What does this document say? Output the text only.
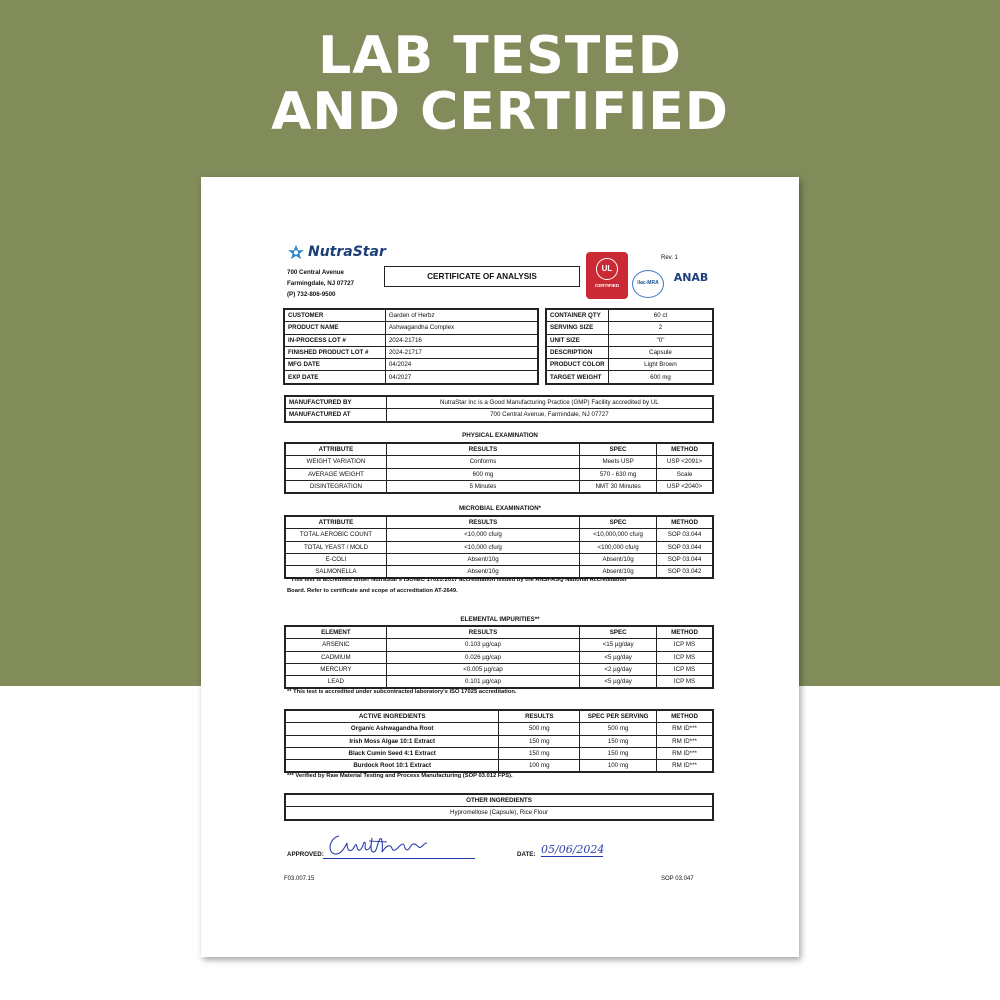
LAB TESTED
AND CERTIFIED
NutraStar
700 Central Avenue
Farmingdale, NJ 07727
(P) 732-806-9500
CERTIFICATE OF ANALYSIS
UL
CERTIFIED
Rev. 1
ilac-MRA	ANAB
CUSTOMER	Garden of Herbz
PRODUCT NAME	Ashwagandha Complex
IN-PROCESS LOT #	2024-21716
FINISHED PRODUCT LOT #	2024-21717
MFG DATE	04/2024
EXP DATE	04/2027
CONTAINER QTY	60 ct
SERVING SIZE	2
UNIT SIZE	"0"
DESCRIPTION	Capsule
PRODUCT COLOR	Light Brown
TARGET WEIGHT	600 mg
MANUFACTURED BY	NutraStar Inc is a Good Manufacturing Practice (GMP) Facility accredited by UL
MANUFACTURED AT	700 Central Avenue, Farmindale, NJ 07727
PHYSICAL EXAMINATION
ATTRIBUTE	RESULTS	SPEC	METHOD
WEIGHT VARIATION	Conforms	Meets USP	USP <2091>
AVERAGE WEIGHT	600 mg	570 - 630 mg	Scale
DISINTEGRATION	5 Minutes	NMT 30 Minutes	USP <2040>
MICROBIAL EXAMINATION*
ATTRIBUTE	RESULTS	SPEC	METHOD
TOTAL AEROBIC COUNT	<10,000 cfu/g	<10,000,000 cfu/g	SOP 03.044
TOTAL YEAST / MOLD	<10,000 cfu/g	<100,000 cfu/g	SOP 03.044
E-COLI	Absent/10g	Absent/10g	SOP 03.044
SALMONELLA	Absent/10g	Absent/10g	SOP 03.042
* This test is accredited under NutraStar's ISO/IEC 17025:2017 accreditation issued by the ANSI-ASQ National Accreditation
Board. Refer to certificate and scope of accreditation AT-2649.
ELEMENTAL IMPURITIES**
ELEMENT	RESULTS	SPEC	METHOD
ARSENIC	0.103 µg/cap	<15 µg/day	ICP MS
CADMIUM	0.026 µg/cap	<5 µg/day	ICP MS
MERCURY	<0.005 µg/cap	<2 µg/day	ICP MS
LEAD	0.101 µg/cap	<5 µg/day	ICP MS
** This test is accredited under subcontracted laboratory's ISO 17025 accreditation.
ACTIVE INGREDIENTS	RESULTS	SPEC PER SERVING	METHOD
Organic Ashwagandha Root	500 mg	500 mg	RM ID***
Irish Moss Algae 10:1 Extract	150 mg	150 mg	RM ID***
Black Cumin Seed 4:1 Extract	150 mg	150 mg	RM ID***
Burdock Root 10:1 Extract	100 mg	100 mg	RM ID***
*** Verified by Raw Material Testing and Process Manufacturing (SOP 03.012 FPS).
OTHER INGREDIENTS
Hypromellose (Capsule), Rice Flour
APPROVED:	DATE: 05/06/2024
F03.007.15	SOP 03.047
